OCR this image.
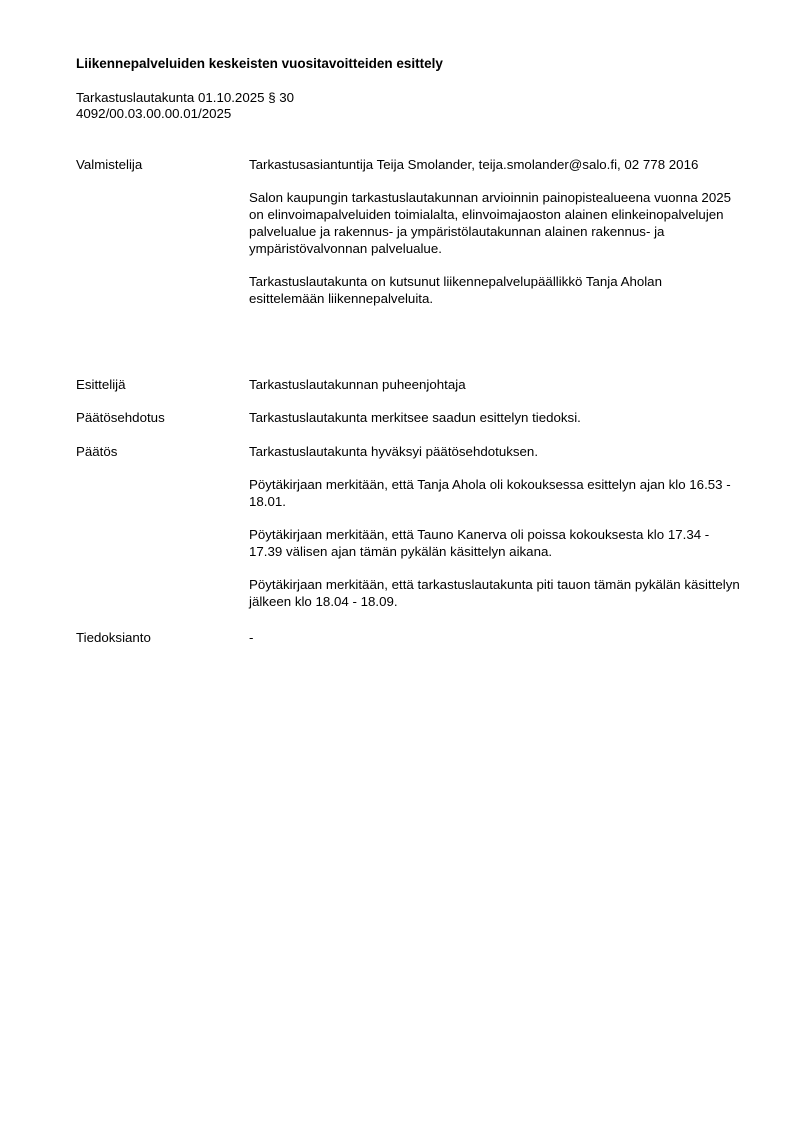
Liikennepalveluiden keskeisten vuositavoitteiden esittely
Tarkastuslautakunta 01.10.2025 § 30
4092/00.03.00.00.01/2025
Valmistelija	Tarkastusasiantuntija Teija Smolander, teija.smolander@salo.fi, 02 778 2016

Salon kaupungin tarkastuslautakunnan arvioinnin painopistealueena vuonna 2025 on elinvoimapalveluiden toimialalta, elinvoimajaoston alainen elinkeinopalvelujen palvelualue ja rakennus- ja ympäristölautakunnan alainen rakennus- ja ympäristövalvonnan palvelualue.

Tarkastuslautakunta on kutsunut liikennepalvelupäällikkö Tanja Aholan esittelemään liikennepalveluita.

Esittelijä	Tarkastuslautakunnan puheenjohtaja
Päätösehdotus	Tarkastuslautakunta merkitsee saadun esittelyn tiedoksi.
Päätös	Tarkastuslautakunta hyväksyi päätösehdotuksen.

Pöytäkirjaan merkitään, että Tanja Ahola oli kokouksessa esittelyn ajan klo 16.53 - 18.01.

Pöytäkirjaan merkitään, että Tauno Kanerva oli poissa kokouksesta klo 17.34 - 17.39 välisen ajan tämän pykälän käsittelyn aikana.

Pöytäkirjaan merkitään, että tarkastuslautakunta piti tauon tämän pykälän käsittelyn jälkeen klo 18.04 - 18.09.

Tiedoksianto	-
